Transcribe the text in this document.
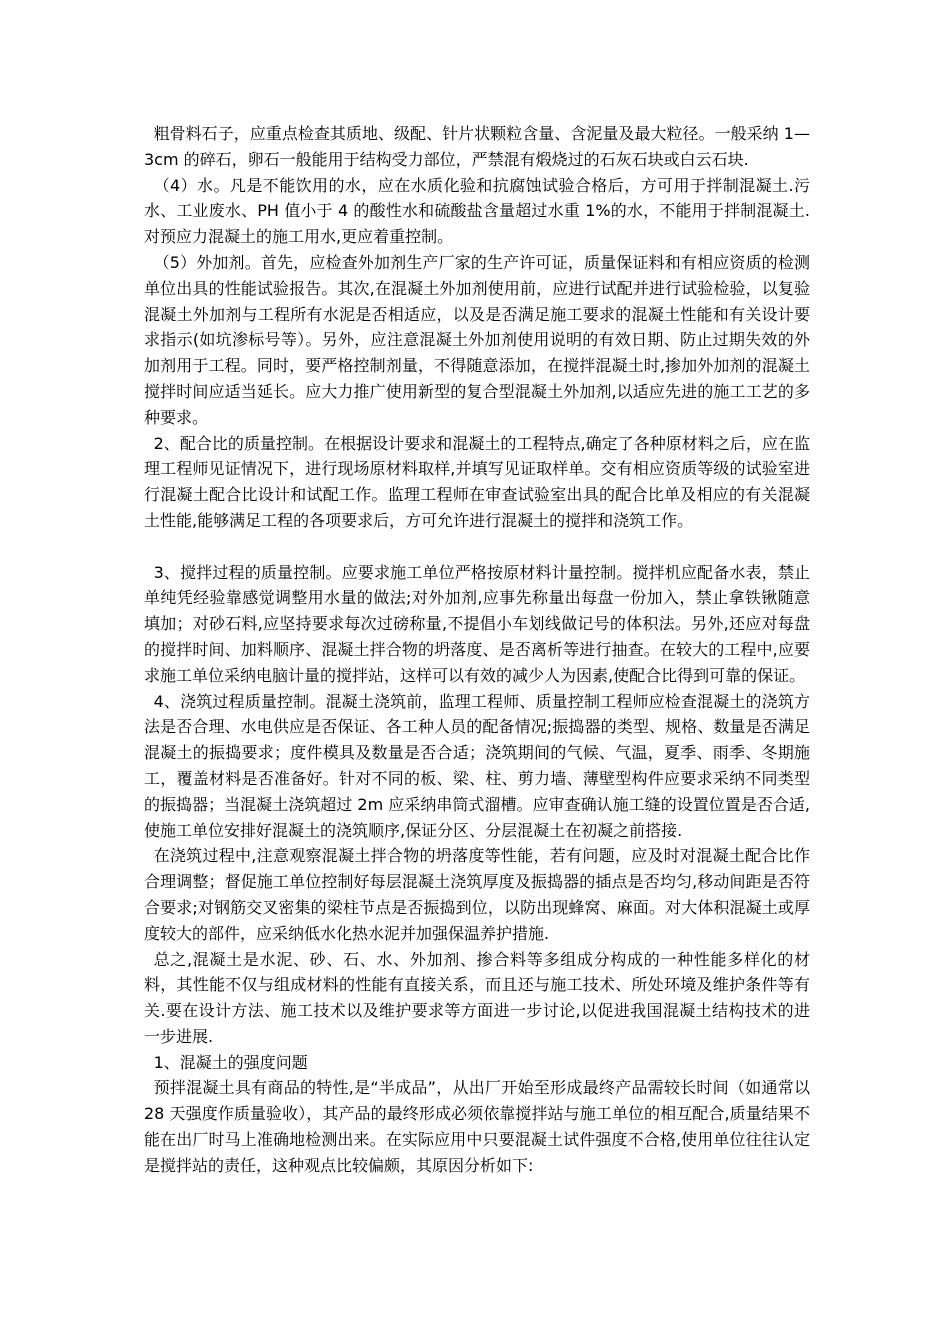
粗骨料石子，应重点检查其质地、级配、针片状颗粒含量、含泥量及最大粒径。一般采纳 1—3cm 的碎石，卵石一般能用于结构受力部位，严禁混有煅烧过的石灰石块或白云石块.

（4）水。凡是不能饮用的水，应在水质化验和抗腐蚀试验合格后，方可用于拌制混凝土.污水、工业废水、PH 值小于 4 的酸性水和硫酸盐含量超过水重 1%的水，不能用于拌制混凝土.对预应力混凝土的施工用水,更应着重控制。

（5）外加剂。首先，应检查外加剂生产厂家的生产许可证，质量保证料和有相应资质的检测单位出具的性能试验报告。其次,在混凝土外加剂使用前，应进行试配并进行试验检验，以复验混凝土外加剂与工程所有水泥是否相适应，以及是否满足施工要求的混凝土性能和有关设计要求指示(如坑渗标号等）。另外，应注意混凝土外加剂使用说明的有效日期、防止过期失效的外加剂用于工程。同时，要严格控制剂量，不得随意添加，在搅拌混凝土时,掺加外加剂的混凝土搅拌时间应适当延长。应大力推广使用新型的复合型混凝土外加剂,以适应先进的施工工艺的多种要求。

2、配合比的质量控制。在根据设计要求和混凝土的工程特点,确定了各种原材料之后，应在监理工程师见证情况下，进行现场原材料取样,并填写见证取样单。交有相应资质等级的试验室进行混凝土配合比设计和试配工作。监理工程师在审查试验室出具的配合比单及相应的有关混凝土性能,能够满足工程的各项要求后，方可允许进行混凝土的搅拌和浇筑工作。

3、搅拌过程的质量控制。应要求施工单位严格按原材料计量控制。搅拌机应配备水表，禁止单纯凭经验靠感觉调整用水量的做法;对外加剂,应事先称量出每盘一份加入，禁止拿铁锹随意填加；对砂石料,应坚持要求每次过磅称量,不提倡小车划线做记号的体积法。另外,还应对每盘的搅拌时间、加料顺序、混凝土拌合物的坍落度、是否离析等进行抽查。在较大的工程中,应要求施工单位采纳电脑计量的搅拌站，这样可以有效的减少人为因素,使配合比得到可靠的保证。

4、浇筑过程质量控制。混凝土浇筑前，监理工程师、质量控制工程师应检查混凝土的浇筑方法是否合理、水电供应是否保证、各工种人员的配备情况;振捣器的类型、规格、数量是否满足混凝土的振捣要求；度件模具及数量是否合适；浇筑期间的气候、气温，夏季、雨季、冬期施工，覆盖材料是否准备好。针对不同的板、梁、柱、剪力墙、薄壁型构件应要求采纳不同类型的振捣器；当混凝土浇筑超过 2m 应采纳串筒式溜槽。应审查确认施工缝的设置位置是否合适,使施工单位安排好混凝土的浇筑顺序,保证分区、分层混凝土在初凝之前搭接.

在浇筑过程中,注意观察混凝土拌合物的坍落度等性能，若有问题，应及时对混凝土配合比作合理调整；督促施工单位控制好每层混凝土浇筑厚度及振捣器的插点是否均匀,移动间距是否符合要求;对钢筋交叉密集的梁柱节点是否振捣到位，以防出现蜂窝、麻面。对大体积混凝土或厚度较大的部件，应采纳低水化热水泥并加强保温养护措施.

总之,混凝土是水泥、砂、石、水、外加剂、掺合料等多组成分构成的一种性能多样化的材料，其性能不仅与组成材料的性能有直接关系，而且还与施工技术、所处环境及维护条件等有关.要在设计方法、施工技术以及维护要求等方面进一步讨论,以促进我国混凝土结构技术的进一步进展.

1、混凝土的强度问题

预拌混凝土具有商品的特性,是“半成品”，从出厂开始至形成最终产品需较长时间（如通常以 28 天强度作质量验收），其产品的最终形成必须依靠搅拌站与施工单位的相互配合,质量结果不能在出厂时马上准确地检测出来。在实际应用中只要混凝土试件强度不合格,使用单位往往认定是搅拌站的责任，这种观点比较偏颇，其原因分析如下:
